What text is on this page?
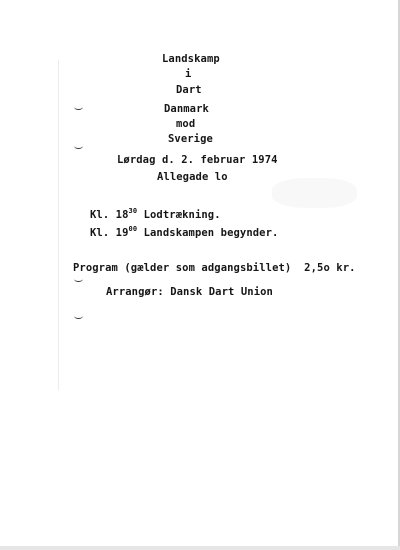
Landskamp
i
Dart
Danmark
mod
Sverige
Lørdag d. 2. februar 1974
Allegade lo
Kl. $18^{30}$ Lodtrækning.
Kl. $19^{00}$ Landskampen begynder.
Program (gælder som adgangsbillet)  2,5o kr.
Arrangør: Dansk Dart Union
